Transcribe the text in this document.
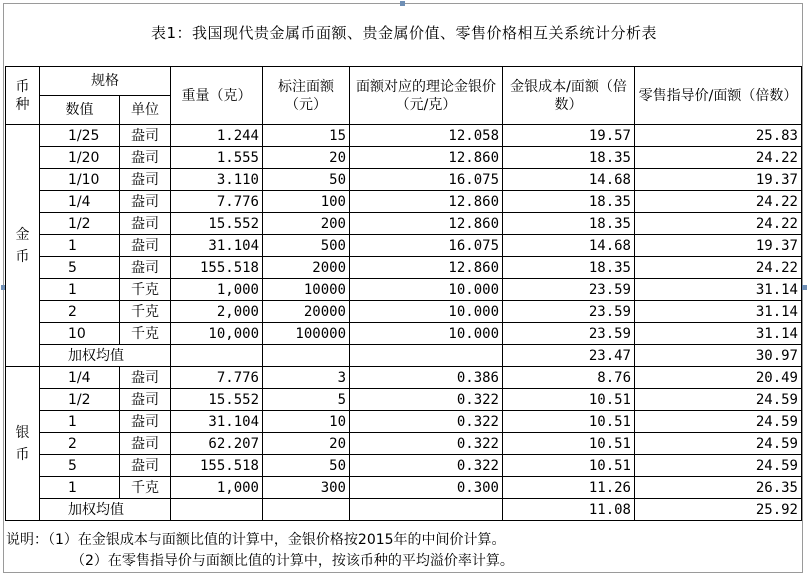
表1：我国现代贵金属币面额、贵金属价值、零售价格相互关系统计分析表
币种	规格		重量（克）	标注面额（元）	面额对应的理论金银价（元/克）	金银成本/面额（倍数）	零售指导价/面额（倍数）
	数值	单位					
金币	1/25	盎司	1.244	15	12.058	19.57	25.83
	1/20	盎司	1.555	20	12.860	18.35	24.22
	1/10	盎司	3.110	50	16.075	14.68	19.37
	1/4	盎司	7.776	100	12.860	18.35	24.22
	1/2	盎司	15.552	200	12.860	18.35	24.22
	1	盎司	31.104	500	16.075	14.68	19.37
	5	盎司	155.518	2000	12.860	18.35	24.22
	1	千克	1,000	10000	10.000	23.59	31.14
	2	千克	2,000	20000	10.000	23.59	31.14
	10	千克	10,000	100000	10.000	23.59	31.14
	加权均值					23.47	30.97
银币	1/4	盎司	7.776	3	0.386	8.76	20.49
	1/2	盎司	15.552	5	0.322	10.51	24.59
	1	盎司	31.104	10	0.322	10.51	24.59
	2	盎司	62.207	20	0.322	10.51	24.59
	5	盎司	155.518	50	0.322	10.51	24.59
	1	千克	1,000	300	0.300	11.26	26.35
	加权均值					11.08	25.92
说明：（1）在金银成本与面额比值的计算中，金银价格按2015年的中间价计算。
（2）在零售指导价与面额比值的计算中，按该币种的平均溢价率计算。
